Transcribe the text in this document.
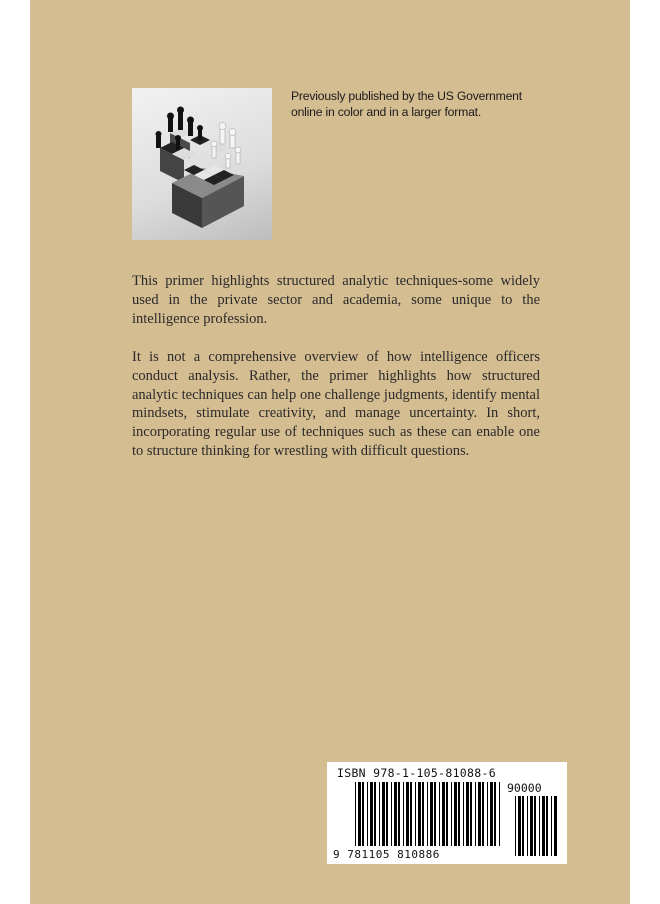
Previously published by the US Government online in color and in a larger format.

This primer highlights structured analytic techniques-some widely used in the private sector and academia, some unique to the intelligence profession.

It is not a comprehensive overview of how intelligence officers conduct analysis. Rather, the primer highlights how structured analytic techniques can help one challenge judgments, identify mental mindsets, stimulate creativity, and manage uncertainty. In short, incorporating regular use of techniques such as these can enable one to structure thinking for wrestling with difficult questions.

ISBN 978-1-105-81088-6
90000
9 781105 810886
